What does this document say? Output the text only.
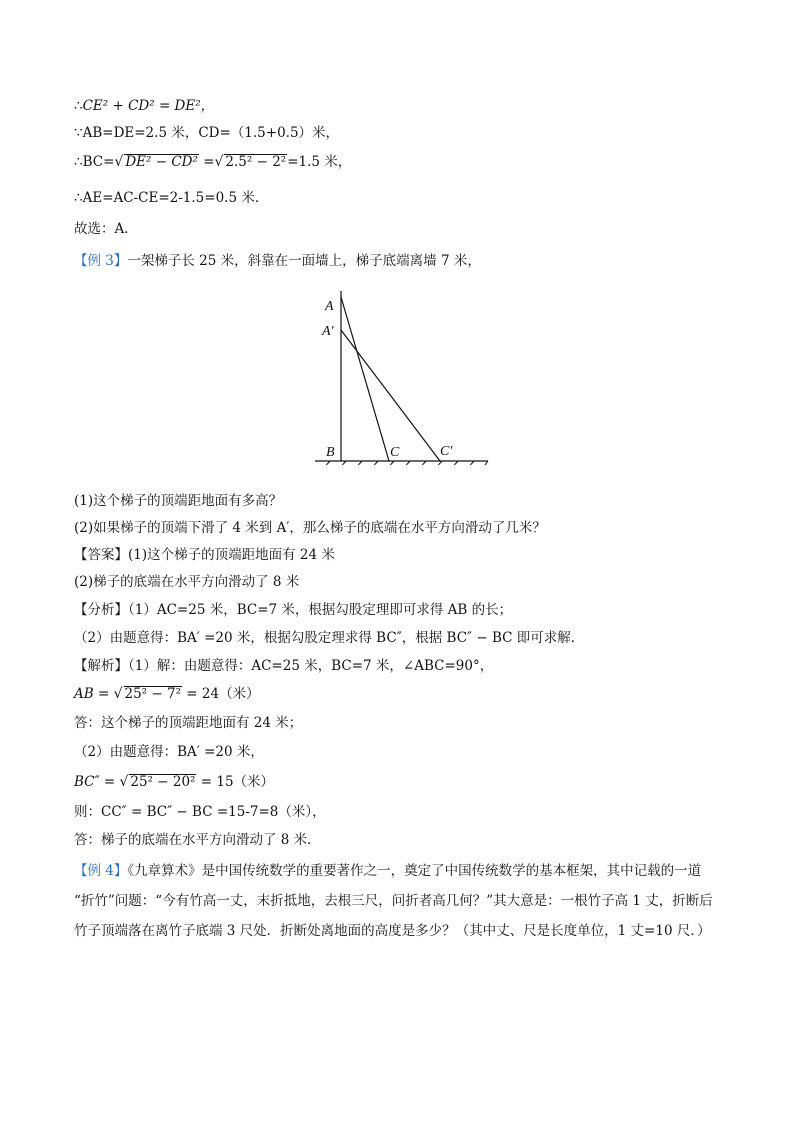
∴CE² + CD² = DE²，
∵AB=DE=2.5 米，CD=（1.5+0.5）米，
∴BC=√ DE² − CD² =√ 2.5² − 2²=1.5 米，
∴AE=AC-CE=2-1.5=0.5 米．
故选：A．
【例 3】一架梯子长 25 米，斜靠在一面墙上，梯子底端离墙 7 米，
A
A′
B	C	C′
(1)这个梯子的顶端距地面有多高？
(2)如果梯子的顶端下滑了 4 米到 A′，那么梯子的底端在水平方向滑动了几米？
【答案】(1)这个梯子的顶端距地面有 24 米
(2)梯子的底端在水平方向滑动了 8 米
【分析】（1）AC=25 米，BC=7 米，根据勾股定理即可求得 AB 的长；
（2）由题意得：BA′ =20 米，根据勾股定理求得 BC″，根据 BC″ − BC 即可求解．
【解析】（1）解：由题意得：AC=25 米，BC=7 米，∠ABC=90°，
AB = √ 25² − 7² = 24（米）
答：这个梯子的顶端距地面有 24 米；
（2）由题意得：BA′ =20 米，
BC″ = √ 25² − 20² = 15（米）
则：CC″ = BC″ − BC =15-7=8（米），
答：梯子的底端在水平方向滑动了 8 米．
【例 4】《九章算术》是中国传统数学的重要著作之一，奠定了中国传统数学的基本框架，其中记载的一道
“折竹”问题：“今有竹高一丈，末折抵地，去根三尺，问折者高几何？”其大意是：一根竹子高 1 丈，折断后
竹子顶端落在离竹子底端 3 尺处．折断处离地面的高度是多少？（其中丈、尺是长度单位，1 丈=10 尺．）
